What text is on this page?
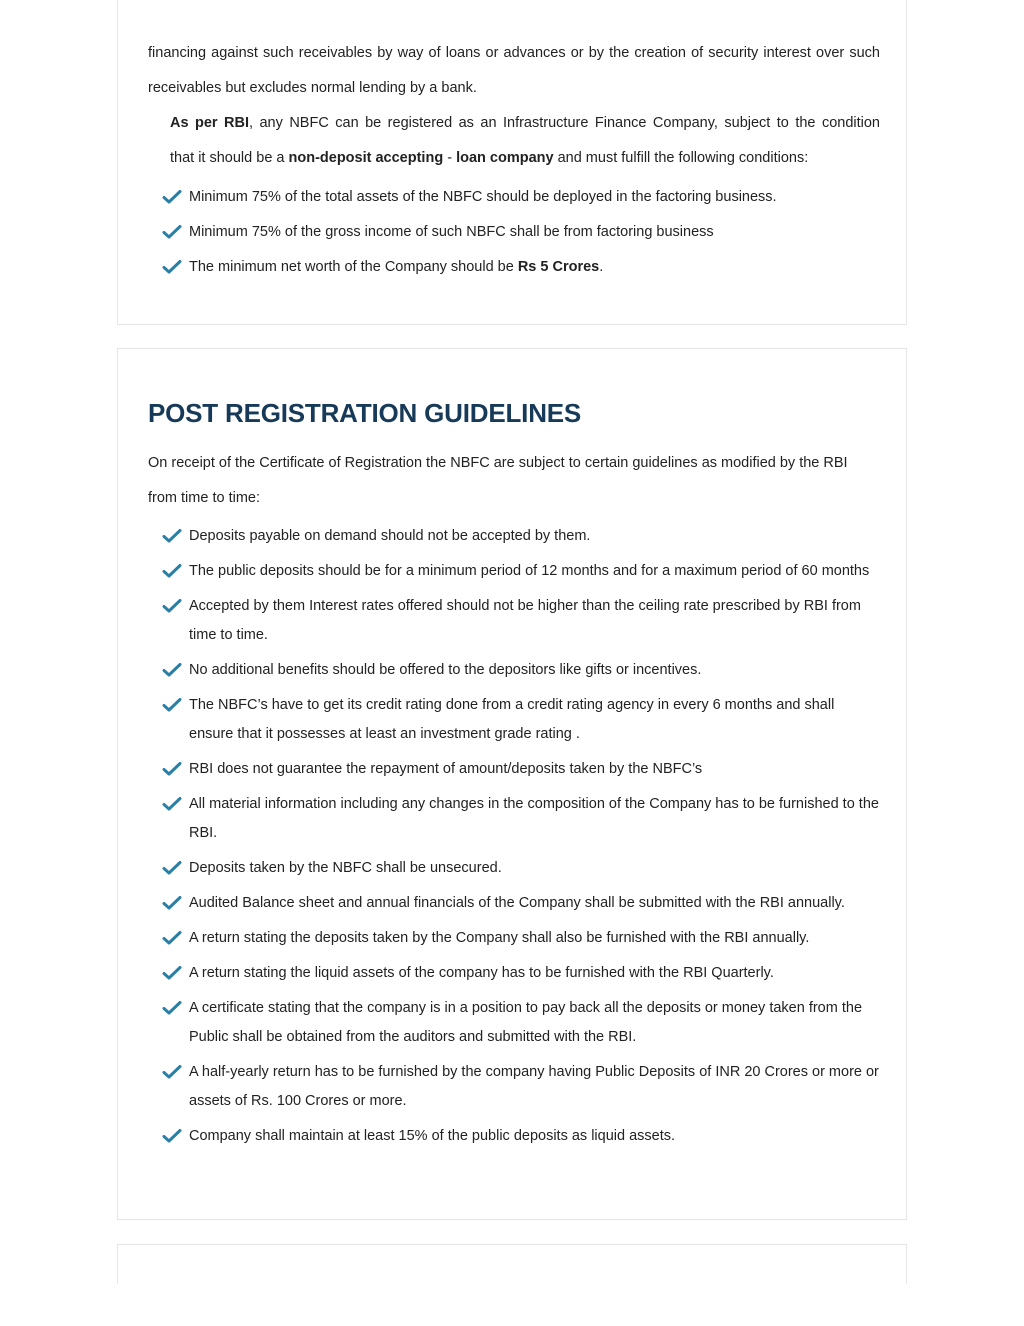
financing against such receivables by way of loans or advances or by the creation of security interest over such

receivables but excludes normal lending by a bank.

As per RBI, any NBFC can be registered as an Infrastructure Finance Company, subject to the condition

that it should be a non-deposit accepting - loan company and must fulfill the following conditions:

Minimum 75% of the total assets of the NBFC should be deployed in the factoring business.
Minimum 75% of the gross income of such NBFC shall be from factoring business
The minimum net worth of the Company should be Rs 5 Crores.
POST REGISTRATION GUIDELINES

On receipt of the Certificate of Registration the NBFC are subject to certain guidelines as modified by the RBI

from time to time:

Deposits payable on demand should not be accepted by them.
The public deposits should be for a minimum period of 12 months and for a maximum period of 60 months
Accepted by them Interest rates offered should not be higher than the ceiling rate prescribed by RBI from time to time.
No additional benefits should be offered to the depositors like gifts or incentives.
The NBFC’s have to get its credit rating done from a credit rating agency in every 6 months and shall ensure that it possesses at least an investment grade rating .
RBI does not guarantee the repayment of amount/deposits taken by the NBFC’s
All material information including any changes in the composition of the Company has to be furnished to the RBI.
Deposits taken by the NBFC shall be unsecured.
Audited Balance sheet and annual financials of the Company shall be submitted with the RBI annually.
A return stating the deposits taken by the Company shall also be furnished with the RBI annually.
A return stating the liquid assets of the company has to be furnished with the RBI Quarterly.
A certificate stating that the company is in a position to pay back all the deposits or money taken from the Public shall be obtained from the auditors and submitted with the RBI.
A half-yearly return has to be furnished by the company having Public Deposits of INR 20 Crores or more or assets of Rs. 100 Crores or more.
Company shall maintain at least 15% of the public deposits as liquid assets.
